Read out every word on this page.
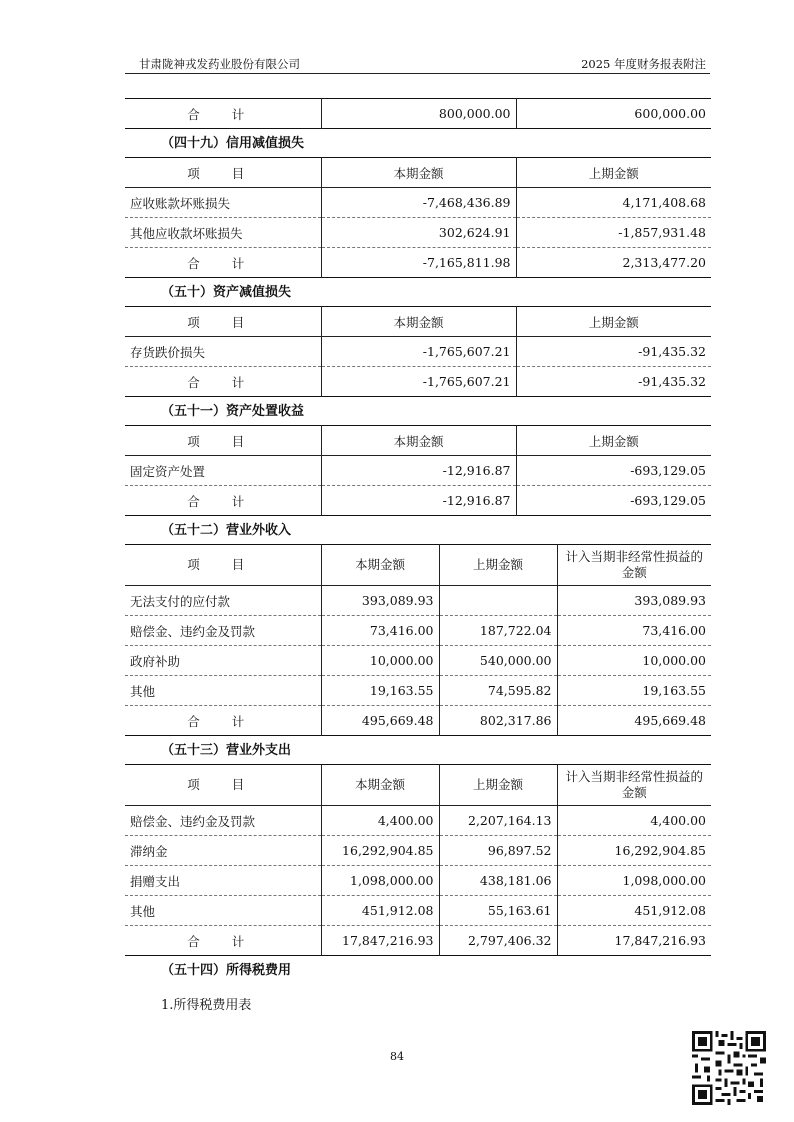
甘肃陇神戎发药业股份有限公司	2025 年度财务报表附注
合 计	800,000.00	600,000.00
（四十九）信用减值损失
项 目	本期金额	上期金额
应收账款坏账损失	-7,468,436.89	4,171,408.68
其他应收款坏账损失	302,624.91	-1,857,931.48
合 计	-7,165,811.98	2,313,477.20
（五十）资产减值损失
项 目	本期金额	上期金额
存货跌价损失	-1,765,607.21	-91,435.32
合 计	-1,765,607.21	-91,435.32
（五十一）资产处置收益
项 目	本期金额	上期金额
固定资产处置	-12,916.87	-693,129.05
合 计	-12,916.87	-693,129.05
（五十二）营业外收入
项 目	本期金额	上期金额	计入当期非经常性损益的金额
无法支付的应付款	393,089.93		393,089.93
赔偿金、违约金及罚款	73,416.00	187,722.04	73,416.00
政府补助	10,000.00	540,000.00	10,000.00
其他	19,163.55	74,595.82	19,163.55
合 计	495,669.48	802,317.86	495,669.48
（五十三）营业外支出
项 目	本期金额	上期金额	计入当期非经常性损益的金额
赔偿金、违约金及罚款	4,400.00	2,207,164.13	4,400.00
滞纳金	16,292,904.85	96,897.52	16,292,904.85
捐赠支出	1,098,000.00	438,181.06	1,098,000.00
其他	451,912.08	55,163.61	451,912.08
合 计	17,847,216.93	2,797,406.32	17,847,216.93
（五十四）所得税费用
1.所得税费用表
84
